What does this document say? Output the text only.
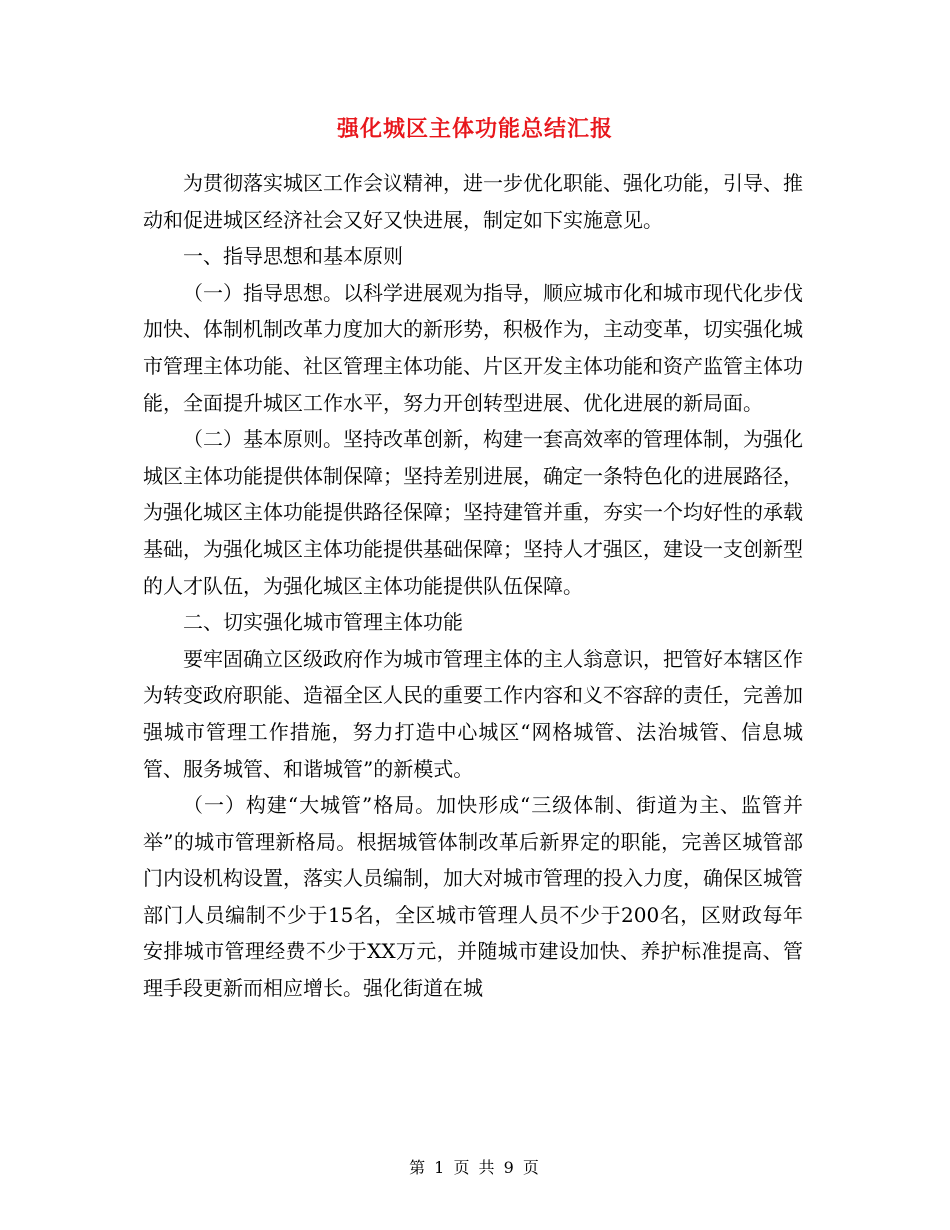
强化城区主体功能总结汇报

为贯彻落实城区工作会议精神，进一步优化职能、强化功能，引导、推动和促进城区经济社会又好又快进展，制定如下实施意见。

一、指导思想和基本原则

（一）指导思想。以科学进展观为指导，顺应城市化和城市现代化步伐加快、体制机制改革力度加大的新形势，积极作为，主动变革，切实强化城市管理主体功能、社区管理主体功能、片区开发主体功能和资产监管主体功能，全面提升城区工作水平，努力开创转型进展、优化进展的新局面。

（二）基本原则。坚持改革创新，构建一套高效率的管理体制，为强化城区主体功能提供体制保障；坚持差别进展，确定一条特色化的进展路径，为强化城区主体功能提供路径保障；坚持建管并重，夯实一个均好性的承载基础，为强化城区主体功能提供基础保障；坚持人才强区，建设一支创新型的人才队伍，为强化城区主体功能提供队伍保障。

二、切实强化城市管理主体功能

要牢固确立区级政府作为城市管理主体的主人翁意识，把管好本辖区作为转变政府职能、造福全区人民的重要工作内容和义不容辞的责任，完善加强城市管理工作措施，努力打造中心城区“网格城管、法治城管、信息城管、服务城管、和谐城管”的新模式。

（一）构建“大城管”格局。加快形成“三级体制、街道为主、监管并举”的城市管理新格局。根据城管体制改革后新界定的职能，完善区城管部门内设机构设置，落实人员编制，加大对城市管理的投入力度，确保区城管部门人员编制不少于15名，全区城市管理人员不少于200名，区财政每年安排城市管理经费不少于XX万元，并随城市建设加快、养护标准提高、管理手段更新而相应增长。强化街道在城

第 1 页 共 9 页
